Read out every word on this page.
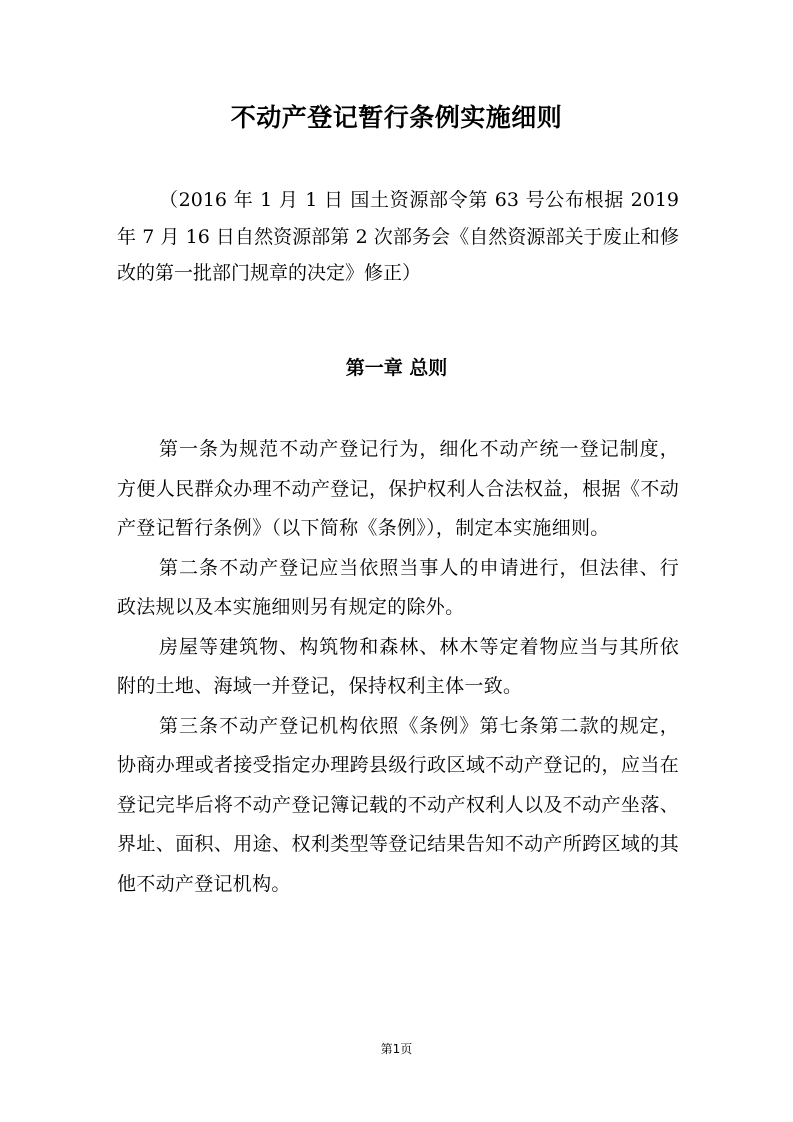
不动产登记暂行条例实施细则
（2016 年 1 月 1 日 国土资源部令第 63 号公布根据 2019 年 7 月 16 日自然资源部第 2 次部务会《自然资源部关于废止和修改的第一批部门规章的决定》修正）
第一章 总则

第一条为规范不动产登记行为，细化不动产统一登记制度，方便人民群众办理不动产登记，保护权利人合法权益，根据《不动产登记暂行条例》（以下简称《条例》），制定本实施细则。

第二条不动产登记应当依照当事人的申请进行，但法律、行政法规以及本实施细则另有规定的除外。

房屋等建筑物、构筑物和森林、林木等定着物应当与其所依附的土地、海域一并登记，保持权利主体一致。

第三条不动产登记机构依照《条例》第七条第二款的规定，协商办理或者接受指定办理跨县级行政区域不动产登记的，应当在登记完毕后将不动产登记簿记载的不动产权利人以及不动产坐落、界址、面积、用途、权利类型等登记结果告知不动产所跨区域的其他不动产登记机构。

第1页
